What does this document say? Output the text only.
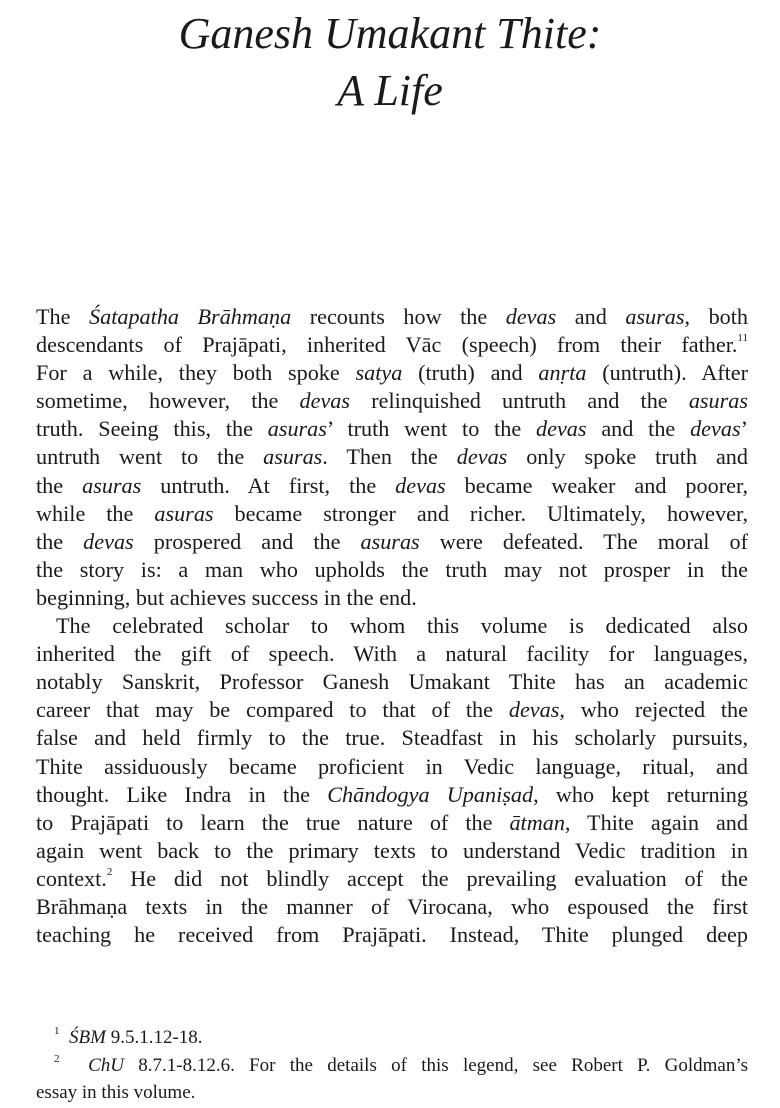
Ganesh Umakant Thite:
A Life
The Śatapatha Brāhmaṇa recounts how the devas and asuras, both
descendants of Prajāpati, inherited Vāc (speech) from their father.$^{11}$
For a while, they both spoke satya (truth) and anṛta (untruth). After
sometime, however, the devas relinquished untruth and the asuras
truth. Seeing this, the asuras’ truth went to the devas and the devas’
untruth went to the asuras. Then the devas only spoke truth and
the asuras untruth. At first, the devas became weaker and poorer,
while the asuras became stronger and richer. Ultimately, however,
the devas prospered and the asuras were defeated. The moral of
the story is: a man who upholds the truth may not prosper in the
beginning, but achieves success in the end.
The celebrated scholar to whom this volume is dedicated also
inherited the gift of speech. With a natural facility for languages,
notably Sanskrit, Professor Ganesh Umakant Thite has an academic
career that may be compared to that of the devas, who rejected the
false and held firmly to the true. Steadfast in his scholarly pursuits,
Thite assiduously became proficient in Vedic language, ritual, and
thought. Like Indra in the Chāndogya Upaniṣad, who kept returning
to Prajāpati to learn the true nature of the ātman, Thite again and
again went back to the primary texts to understand Vedic tradition in
context.$^2$ He did not blindly accept the prevailing evaluation of the
Brāhmaṇa texts in the manner of Virocana, who espoused the first
teaching he received from Prajāpati. Instead, Thite plunged deep
$^1$ ŚBM 9.5.1.12-18.
$^2$ ChU 8.7.1-8.12.6. For the details of this legend, see Robert P. Goldman’s
essay in this volume.
